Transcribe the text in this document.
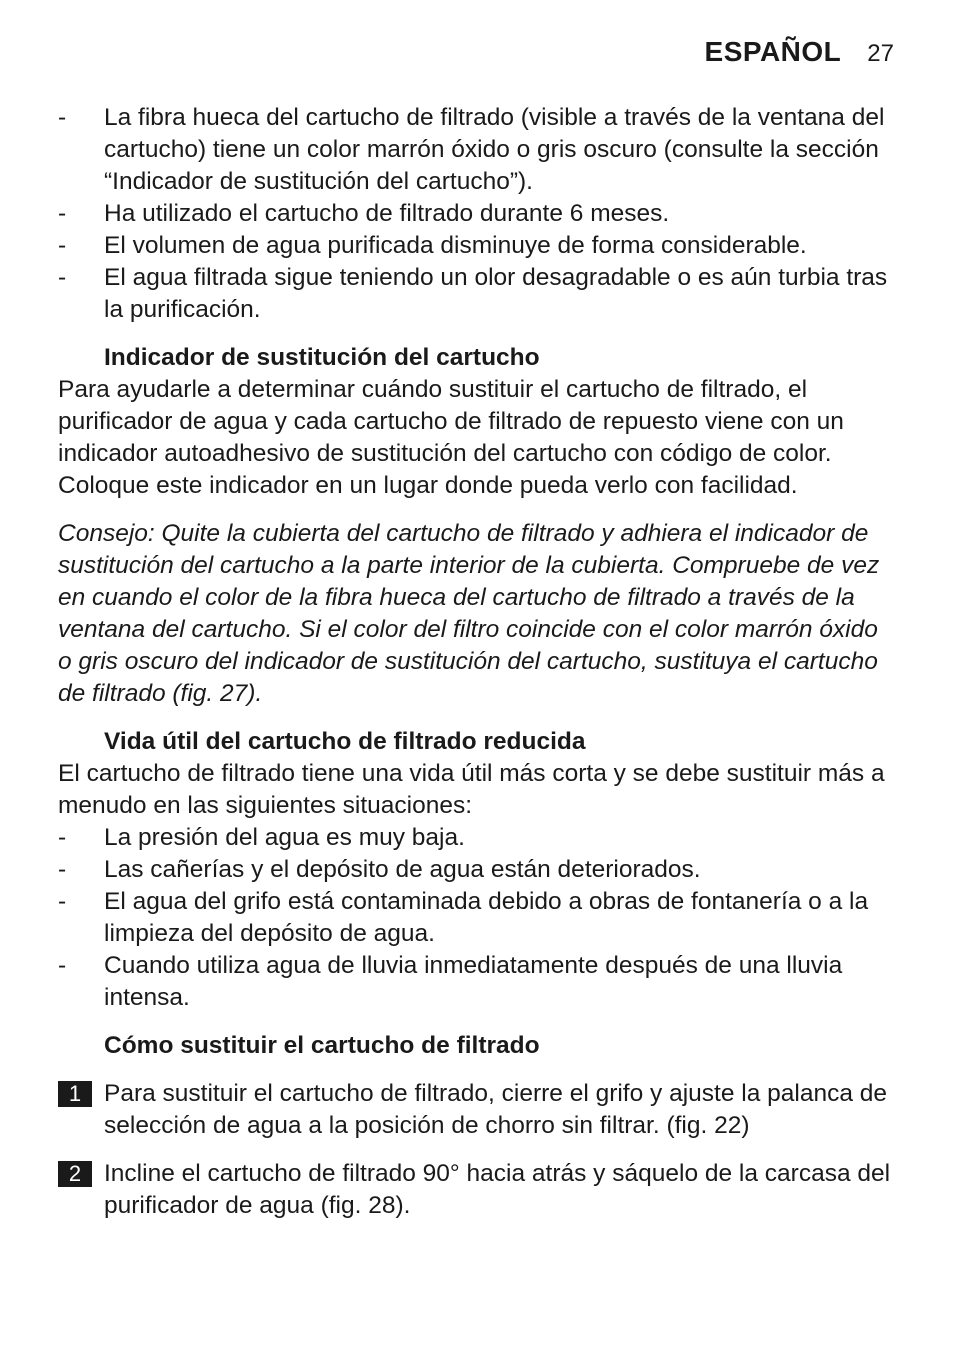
ESPAÑOL 27
- La fibra hueca del cartucho de filtrado (visible a través de la ventana del cartucho) tiene un color marrón óxido o gris oscuro (consulte la sección “Indicador de sustitución del cartucho”).
- Ha utilizado el cartucho de filtrado durante 6 meses.
- El volumen de agua purificada disminuye de forma considerable.
- El agua filtrada sigue teniendo un olor desagradable o es aún turbia tras la purificación.
Indicador de sustitución del cartucho

Para ayudarle a determinar cuándo sustituir el cartucho de filtrado, el purificador de agua y cada cartucho de filtrado de repuesto viene con un indicador autoadhesivo de sustitución del cartucho con código de color. Coloque este indicador en un lugar donde pueda verlo con facilidad.

Consejo: Quite la cubierta del cartucho de filtrado y adhiera el indicador de sustitución del cartucho a la parte interior de la cubierta. Compruebe de vez en cuando el color de la fibra hueca del cartucho de filtrado a través de la ventana del cartucho. Si el color del filtro coincide con el color marrón óxido o gris oscuro del indicador de sustitución del cartucho, sustituya el cartucho de filtrado (fig. 27).

Vida útil del cartucho de filtrado reducida

El cartucho de filtrado tiene una vida útil más corta y se debe sustituir más a menudo en las siguientes situaciones:

- La presión del agua es muy baja.
- Las cañerías y el depósito de agua están deteriorados.
- El agua del grifo está contaminada debido a obras de fontanería o a la limpieza del depósito de agua.
- Cuando utiliza agua de lluvia inmediatamente después de una lluvia intensa.
Cómo sustituir el cartucho de filtrado
1 Para sustituir el cartucho de filtrado, cierre el grifo y ajuste la palanca de selección de agua a la posición de chorro sin filtrar. (fig. 22)
2 Incline el cartucho de filtrado 90° hacia atrás y sáquelo de la carcasa del purificador de agua (fig. 28).
